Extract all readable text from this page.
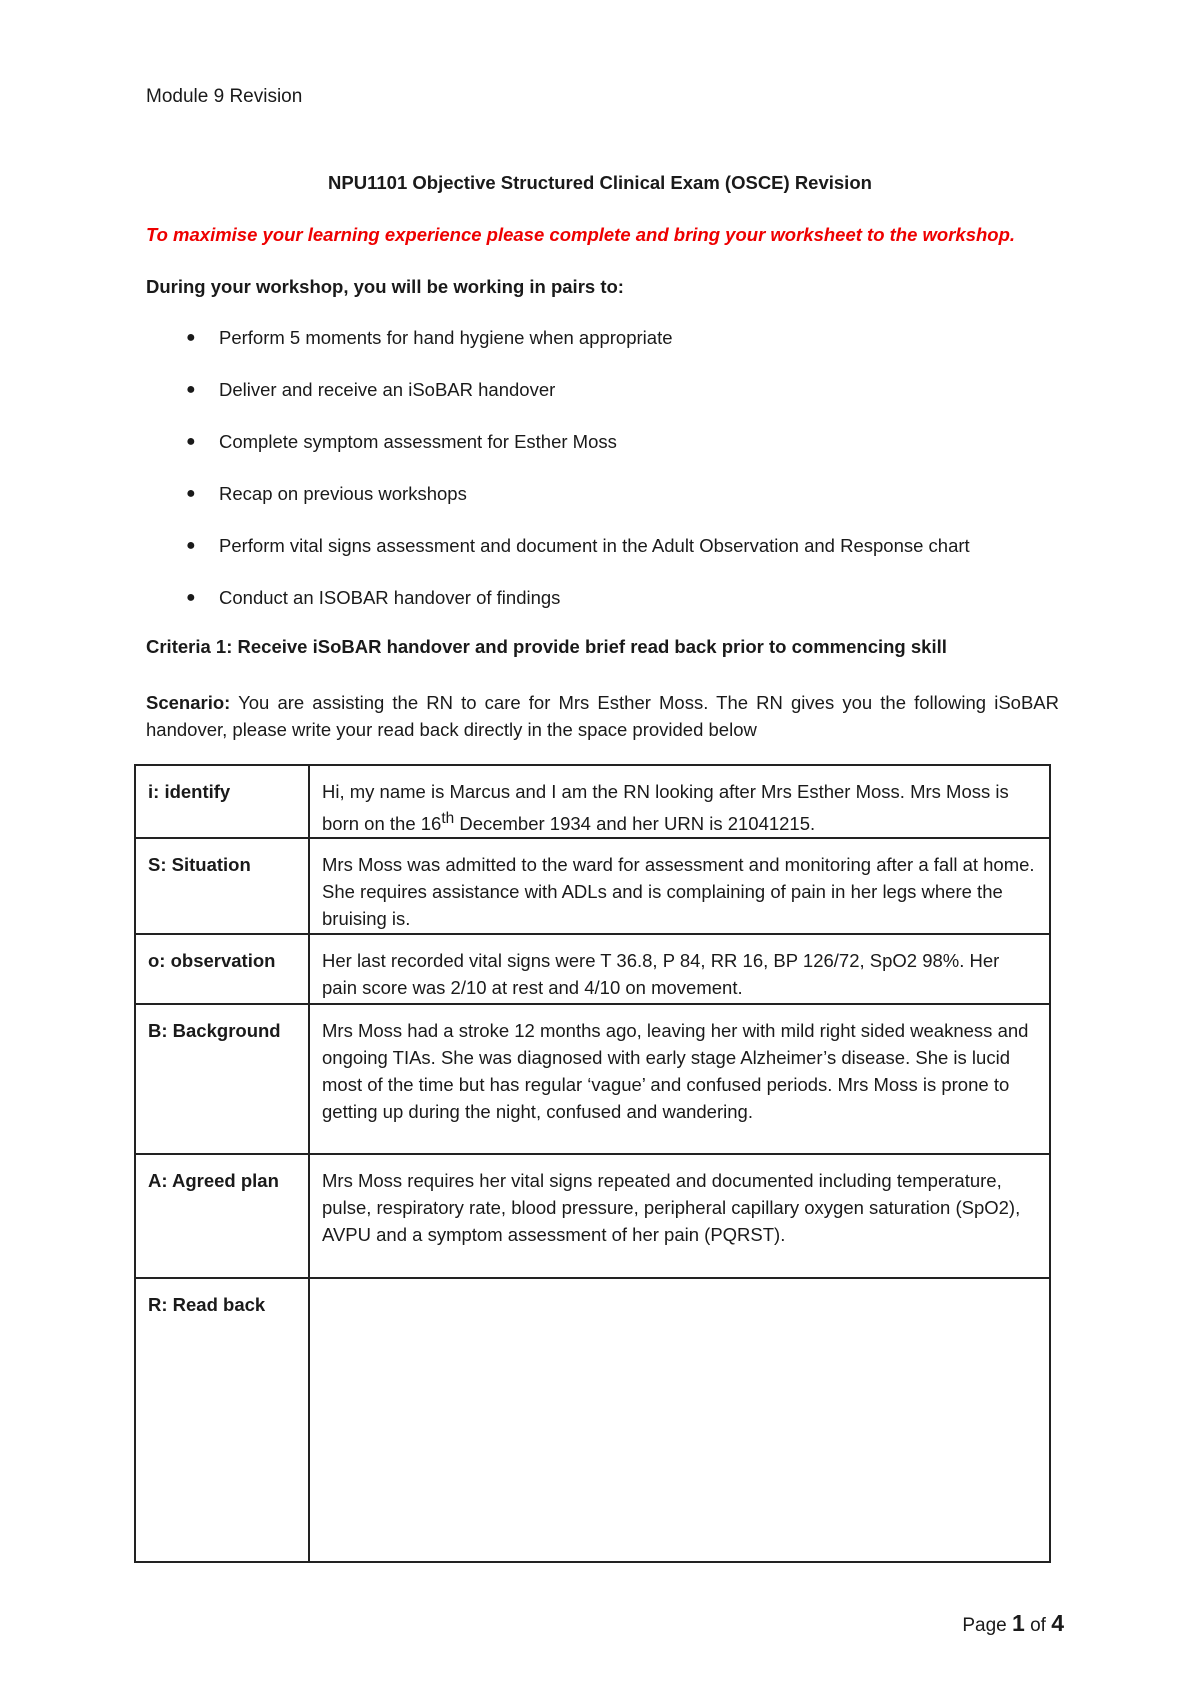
Module 9 Revision
NPU1101 Objective Structured Clinical Exam (OSCE) Revision
To maximise your learning experience please complete and bring your worksheet to the workshop.
During your workshop, you will be working in pairs to:
● Perform 5 moments for hand hygiene when appropriate
● Deliver and receive an iSoBAR handover
● Complete symptom assessment for Esther Moss
● Recap on previous workshops
● Perform vital signs assessment and document in the Adult Observation and Response chart
● Conduct an ISOBAR handover of findings
Criteria 1: Receive iSoBAR handover and provide brief read back prior to commencing skill
Scenario: You are assisting the RN to care for Mrs Esther Moss. The RN gives you the following iSoBAR handover, please write your read back directly in the space provided below
i: identify	Hi, my name is Marcus and I am the RN looking after Mrs Esther Moss. Mrs Moss is born on the 16th December 1934 and her URN is 21041215.
S: Situation	Mrs Moss was admitted to the ward for assessment and monitoring after a fall at home. She requires assistance with ADLs and is complaining of pain in her legs where the bruising is.
o: observation	Her last recorded vital signs were T 36.8, P 84, RR 16, BP 126/72, SpO2 98%. Her pain score was 2/10 at rest and 4/10 on movement.
B: Background	Mrs Moss had a stroke 12 months ago, leaving her with mild right sided weakness and ongoing TIAs. She was diagnosed with early stage Alzheimer’s disease. She is lucid most of the time but has regular ‘vague’ and confused periods. Mrs Moss is prone to getting up during the night, confused and wandering.
A: Agreed plan	Mrs Moss requires her vital signs repeated and documented including temperature, pulse, respiratory rate, blood pressure, peripheral capillary oxygen saturation (SpO2), AVPU and a symptom assessment of her pain (PQRST).
R: Read back	
Page 1 of 4
